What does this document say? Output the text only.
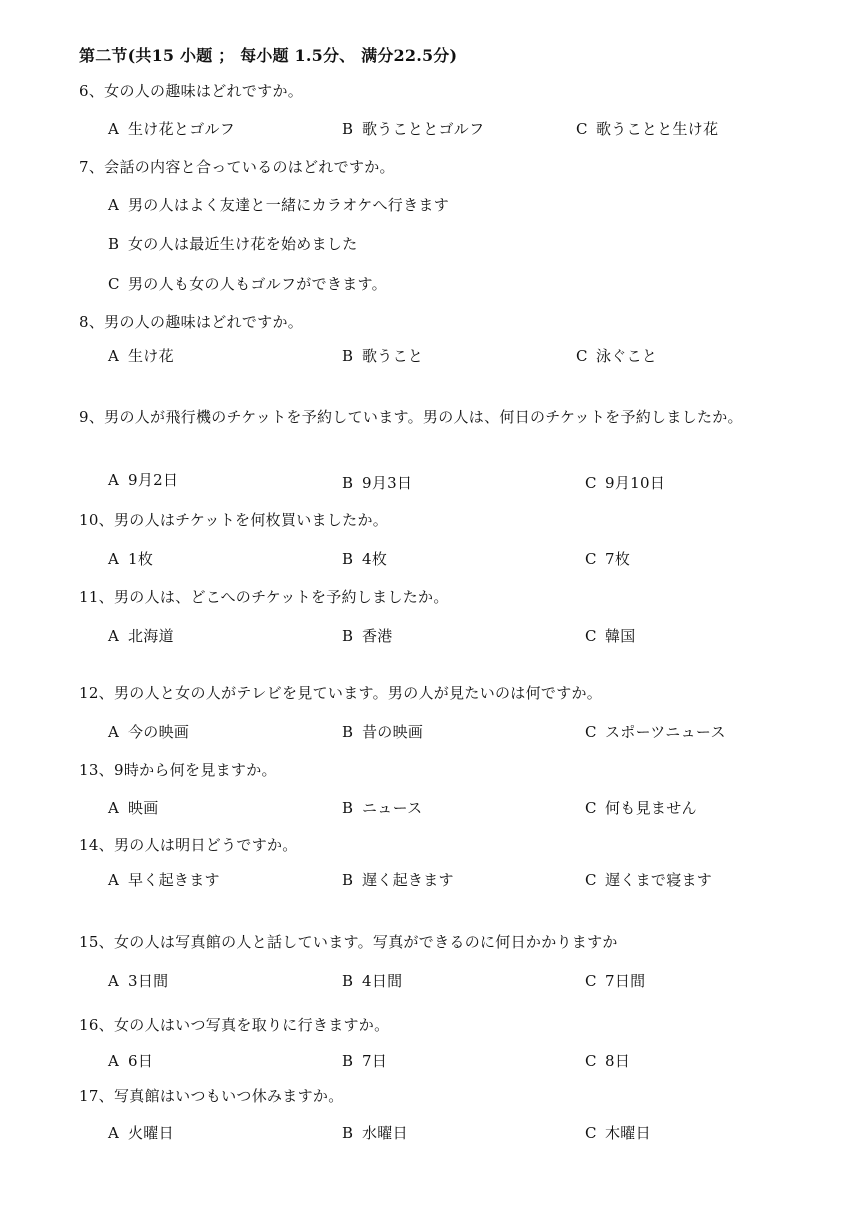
第二节(共15 小题 ； 每小题 1.5分、 满分22.5分)
6、女の人の趣味はどれですか。
A 生け花とゴルフ	B 歌うこととゴルフ	C 歌うことと生け花
7、会話の内容と合っているのはどれですか。
A 男の人はよく友達と一緒にカラオケへ行きます
B 女の人は最近生け花を始めました
C 男の人も女の人もゴルフができます。
8、男の人の趣味はどれですか。
A 生け花	B 歌うこと	C 泳ぐこと
9、男の人が飛行機のチケットを予約しています。男の人は、何日のチケットを予約しましたか。
A 9月2日	B 9月3日	C 9月10日
10、男の人はチケットを何枚買いましたか。
A 1枚	B 4枚	C 7枚
11、男の人は、どこへのチケットを予約しましたか。
A 北海道	B 香港	C 韓国
12、男の人と女の人がテレビを見ています。男の人が見たいのは何ですか。
A 今の映画	B 昔の映画	C スポーツニュース
13、9時から何を見ますか。
A 映画	B ニュース	C 何も見ません
14、男の人は明日どうですか。
A 早く起きます	B 遅く起きます	C 遅くまで寝ます
15、女の人は写真館の人と話しています。写真ができるのに何日かかりますか
A 3日間	B 4日間	C 7日間
16、女の人はいつ写真を取りに行きますか。
A 6日	B 7日	C 8日
17、写真館はいつもいつ休みますか。
A 火曜日	B 水曜日	C 木曜日
